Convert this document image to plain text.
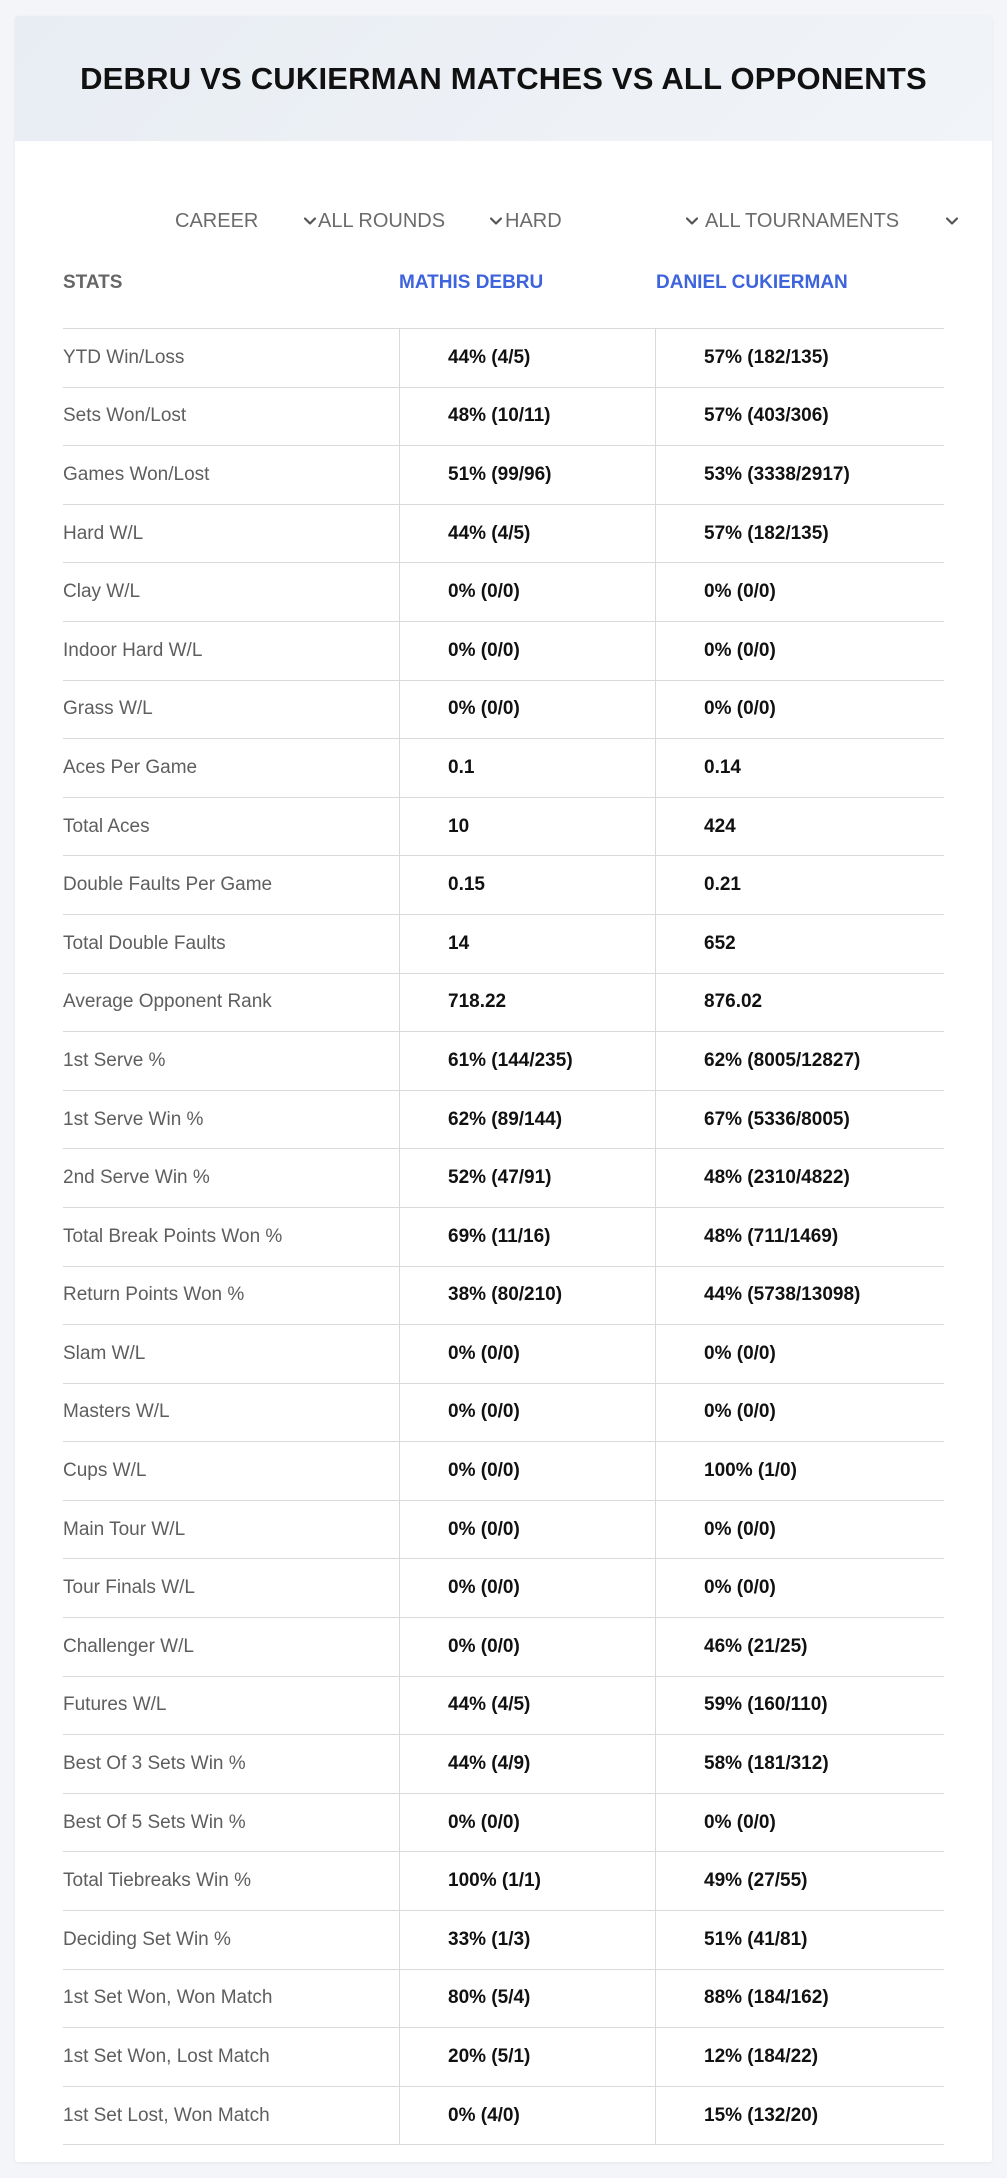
DEBRU VS CUKIERMAN MATCHES VS ALL OPPONENTS
CAREER	ALL ROUNDS	HARD	ALL TOURNAMENTS
STATS	MATHIS DEBRU	DANIEL CUKIERMAN
YTD Win/Loss	44% (4/5)	57% (182/135)
Sets Won/Lost	48% (10/11)	57% (403/306)
Games Won/Lost	51% (99/96)	53% (3338/2917)
Hard W/L	44% (4/5)	57% (182/135)
Clay W/L	0% (0/0)	0% (0/0)
Indoor Hard W/L	0% (0/0)	0% (0/0)
Grass W/L	0% (0/0)	0% (0/0)
Aces Per Game	0.1	0.14
Total Aces	10	424
Double Faults Per Game	0.15	0.21
Total Double Faults	14	652
Average Opponent Rank	718.22	876.02
1st Serve %	61% (144/235)	62% (8005/12827)
1st Serve Win %	62% (89/144)	67% (5336/8005)
2nd Serve Win %	52% (47/91)	48% (2310/4822)
Total Break Points Won %	69% (11/16)	48% (711/1469)
Return Points Won %	38% (80/210)	44% (5738/13098)
Slam W/L	0% (0/0)	0% (0/0)
Masters W/L	0% (0/0)	0% (0/0)
Cups W/L	0% (0/0)	100% (1/0)
Main Tour W/L	0% (0/0)	0% (0/0)
Tour Finals W/L	0% (0/0)	0% (0/0)
Challenger W/L	0% (0/0)	46% (21/25)
Futures W/L	44% (4/5)	59% (160/110)
Best Of 3 Sets Win %	44% (4/9)	58% (181/312)
Best Of 5 Sets Win %	0% (0/0)	0% (0/0)
Total Tiebreaks Win %	100% (1/1)	49% (27/55)
Deciding Set Win %	33% (1/3)	51% (41/81)
1st Set Won, Won Match	80% (5/4)	88% (184/162)
1st Set Won, Lost Match	20% (5/1)	12% (184/22)
1st Set Lost, Won Match	0% (4/0)	15% (132/20)
